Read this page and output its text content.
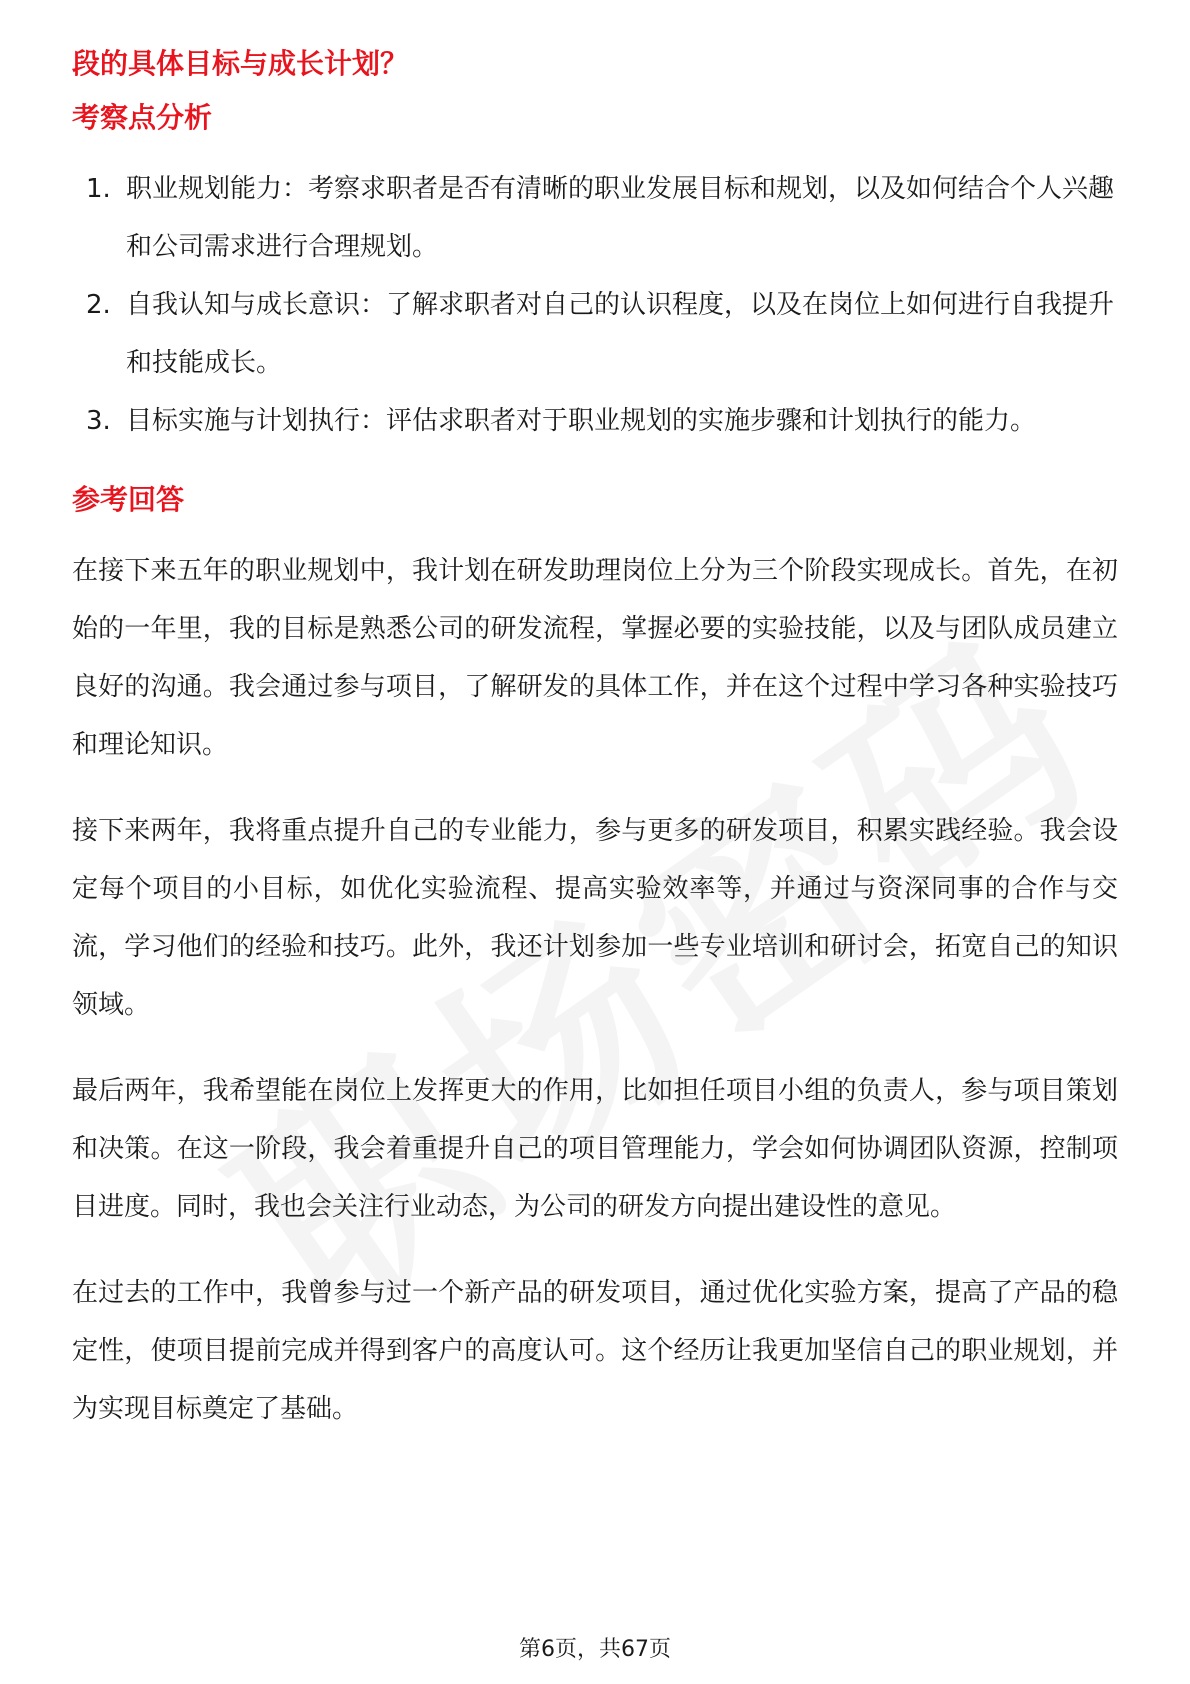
段的具体目标与成长计划？
考察点分析
1. 职业规划能力：考察求职者是否有清晰的职业发展目标和规划，以及如何结合个人兴趣和公司需求进行合理规划。
2. 自我认知与成长意识：了解求职者对自己的认识程度，以及在岗位上如何进行自我提升和技能成长。
3. 目标实施与计划执行：评估求职者对于职业规划的实施步骤和计划执行的能力。
参考回答

在接下来五年的职业规划中，我计划在研发助理岗位上分为三个阶段实现成长。首先，在初始的一年里，我的目标是熟悉公司的研发流程，掌握必要的实验技能，以及与团队成员建立良好的沟通。我会通过参与项目，了解研发的具体工作，并在这个过程中学习各种实验技巧和理论知识。

接下来两年，我将重点提升自己的专业能力，参与更多的研发项目，积累实践经验。我会设定每个项目的小目标，如优化实验流程、提高实验效率等，并通过与资深同事的合作与交流，学习他们的经验和技巧。此外，我还计划参加一些专业培训和研讨会，拓宽自己的知识领域。

最后两年，我希望能在岗位上发挥更大的作用，比如担任项目小组的负责人，参与项目策划和决策。在这一阶段，我会着重提升自己的项目管理能力，学会如何协调团队资源，控制项目进度。同时，我也会关注行业动态，为公司的研发方向提出建设性的意见。

在过去的工作中，我曾参与过一个新产品的研发项目，通过优化实验方案，提高了产品的稳定性，使项目提前完成并得到客户的高度认可。这个经历让我更加坚信自己的职业规划，并为实现目标奠定了基础。

第6页，共67页
